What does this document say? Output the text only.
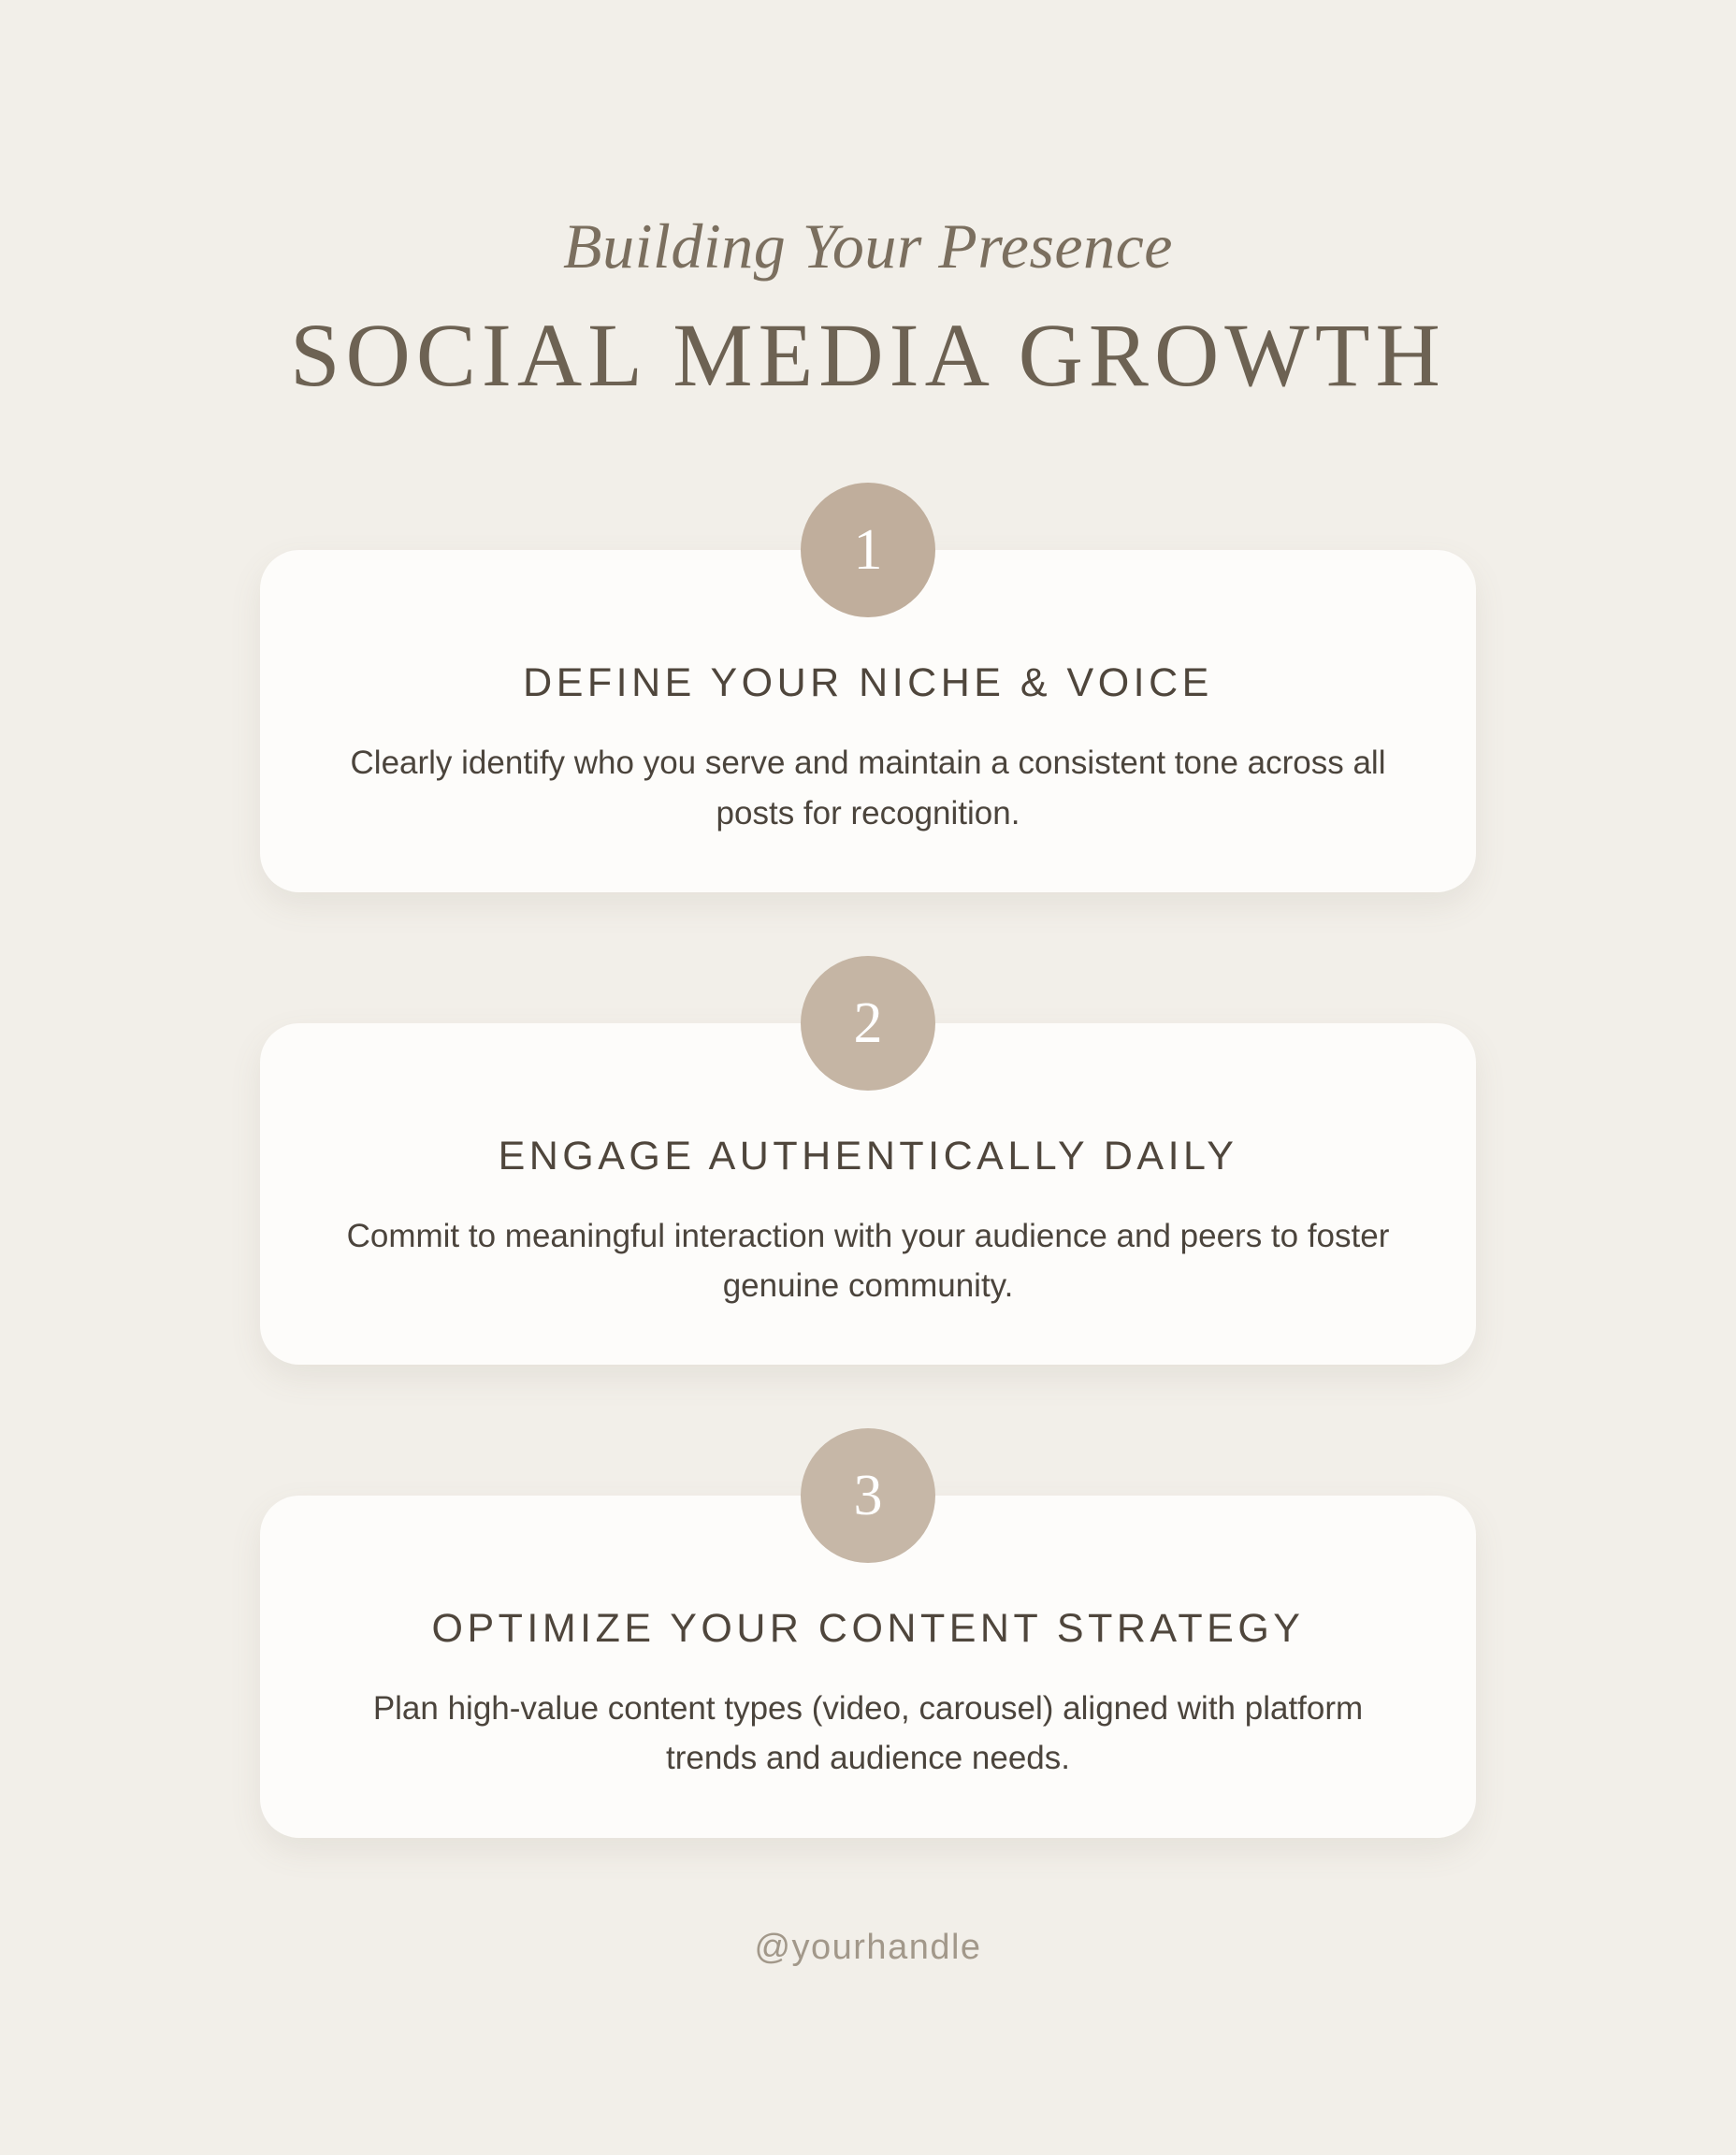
Building Your Presence
SOCIAL MEDIA GROWTH
1
DEFINE YOUR NICHE & VOICE
Clearly identify who you serve and maintain a consistent tone across all posts for recognition.
2
ENGAGE AUTHENTICALLY DAILY
Commit to meaningful interaction with your audience and peers to foster genuine community.
3
OPTIMIZE YOUR CONTENT STRATEGY
Plan high-value content types (video, carousel) aligned with platform trends and audience needs.
@yourhandle
